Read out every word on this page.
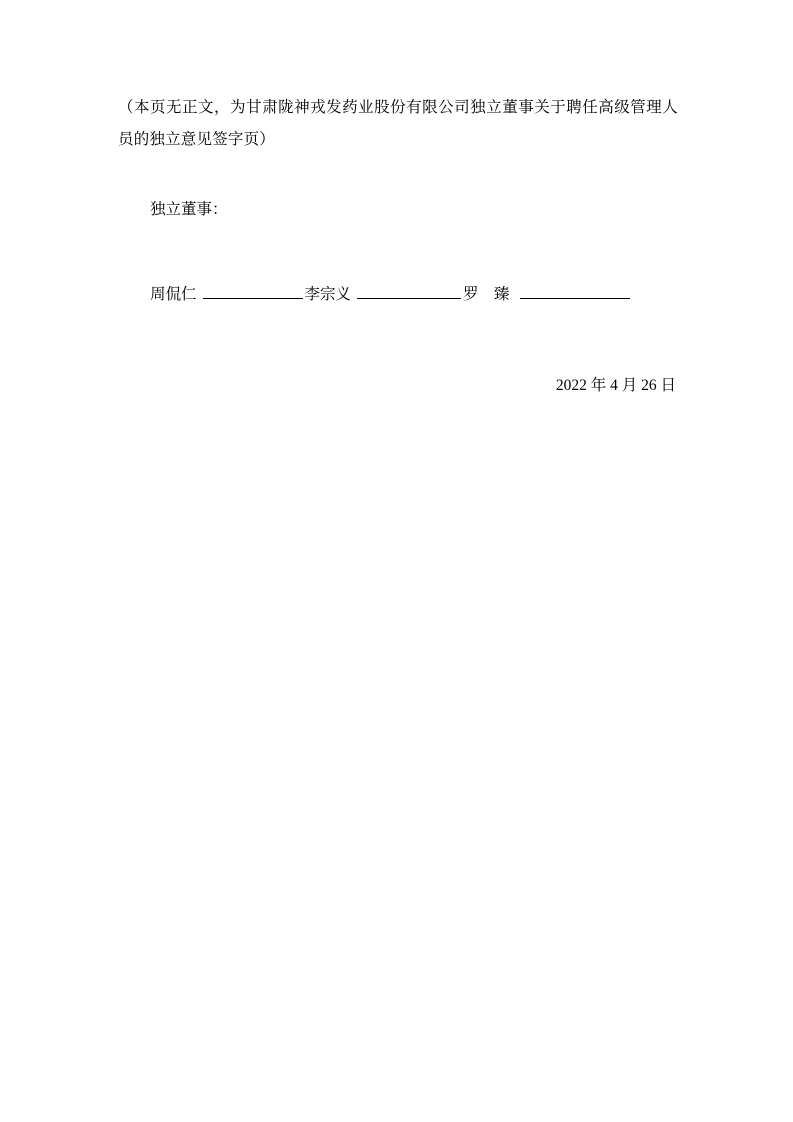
（本页无正文，为甘肃陇神戎发药业股份有限公司独立董事关于聘任高级管理人员的独立意见签字页）

独立董事：
周侃仁	李宗义	罗　臻
2022 年 4 月 26 日
